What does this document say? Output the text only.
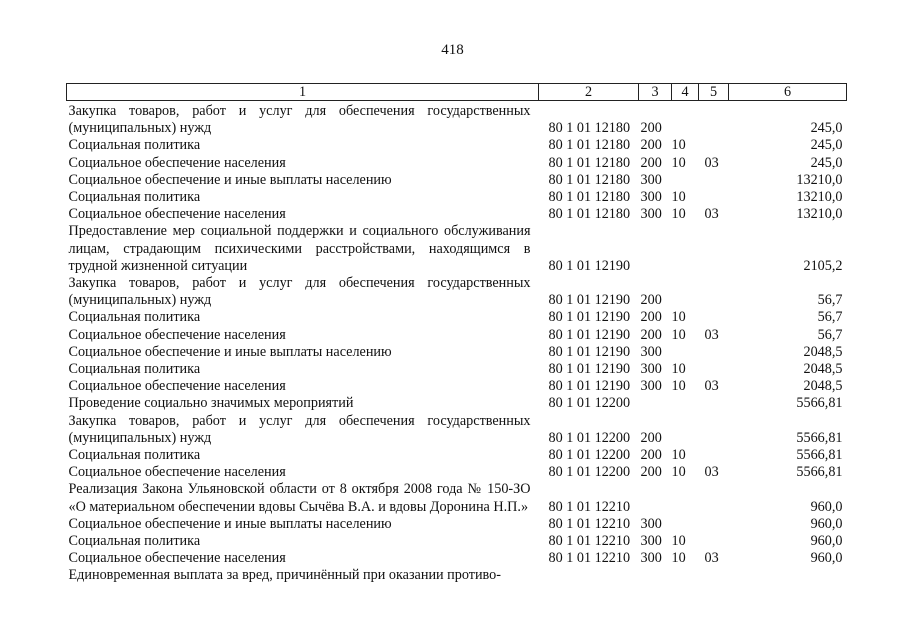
418
1	2	3	4	5	6
Закупка товаров, работ и услуг для обеспечения государственных (муниципальных) нужд	80 1 01 12180	200			245,0
Социальная политика	80 1 01 12180	200	10		245,0
Социальное обеспечение населения	80 1 01 12180	200	10	03	245,0
Социальное обеспечение и иные выплаты населению	80 1 01 12180	300			13210,0
Социальная политика	80 1 01 12180	300	10		13210,0
Социальное обеспечение населения	80 1 01 12180	300	10	03	13210,0
Предоставление мер социальной поддержки и социального обслуживания лицам, страдающим психическими расстройствами, находящимся в трудной жизненной ситуации	80 1 01 12190				2105,2
Закупка товаров, работ и услуг для обеспечения государственных (муниципальных) нужд	80 1 01 12190	200			56,7
Социальная политика	80 1 01 12190	200	10		56,7
Социальное обеспечение населения	80 1 01 12190	200	10	03	56,7
Социальное обеспечение и иные выплаты населению	80 1 01 12190	300			2048,5
Социальная политика	80 1 01 12190	300	10		2048,5
Социальное обеспечение населения	80 1 01 12190	300	10	03	2048,5
Проведение социально значимых мероприятий	80 1 01 12200				5566,81
Закупка товаров, работ и услуг для обеспечения государственных (муниципальных) нужд	80 1 01 12200	200			5566,81
Социальная политика	80 1 01 12200	200	10		5566,81
Социальное обеспечение населения	80 1 01 12200	200	10	03	5566,81
Реализация Закона Ульяновской области от 8 октября 2008 года № 150-ЗО «О материальном обеспечении вдовы Сычёва В.А. и вдовы Доронина Н.П.»	80 1 01 12210				960,0
Социальное обеспечение и иные выплаты населению	80 1 01 12210	300			960,0
Социальная политика	80 1 01 12210	300	10		960,0
Социальное обеспечение населения	80 1 01 12210	300	10	03	960,0
Единовременная выплата за вред, причинённый при оказании противо-					
